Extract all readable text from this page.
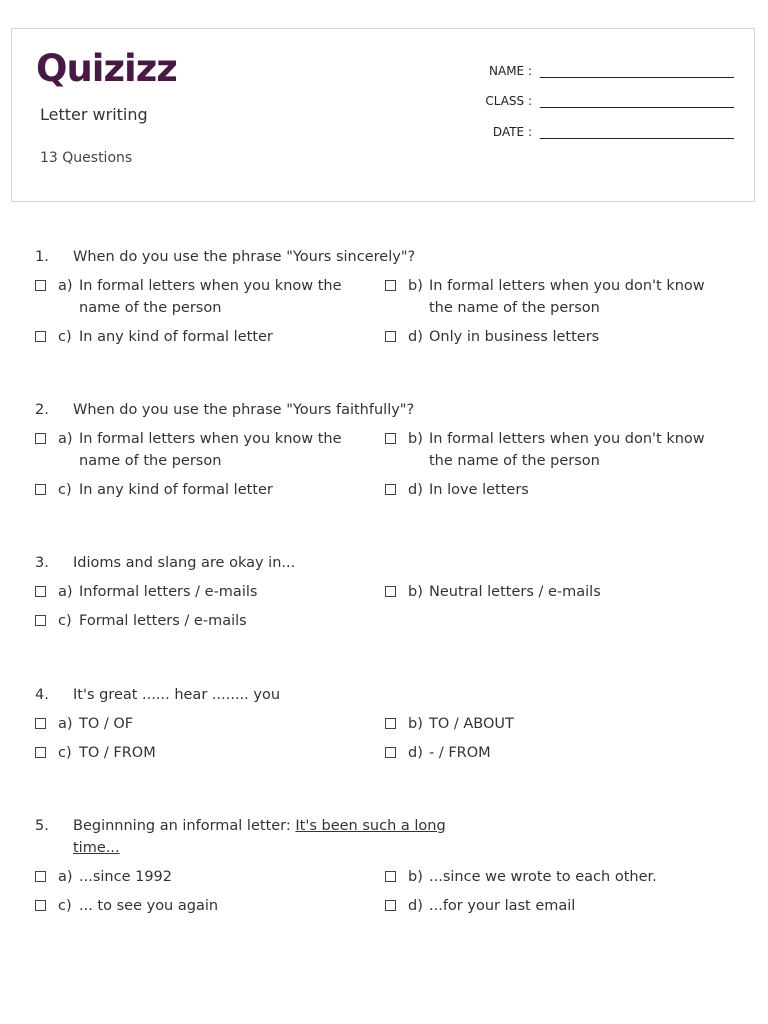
Quizizz
Letter writing
13 Questions
NAME :
CLASS :
DATE :
1.	When do you use the phrase "Yours sincerely"?
a) In formal letters when you know the name of the person
b) In formal letters when you don't know the name of the person
c) In any kind of formal letter	d) Only in business letters
2.	When do you use the phrase "Yours faithfully"?
a) In formal letters when you know the name of the person
b) In formal letters when you don't know the name of the person
c) In any kind of formal letter	d) In love letters
3.	Idioms and slang are okay in...
a) Informal letters / e-mails	b) Neutral letters / e-mails
c) Formal letters / e-mails
4.	It's great ...... hear ........ you
a) TO / OF	b) TO / ABOUT
c) TO / FROM	d) - / FROM
5.	Beginnning an informal letter: It's been such a long time...
a) ...since 1992	b) ...since we wrote to each other.
c) ... to see you again	d) ...for your last email
